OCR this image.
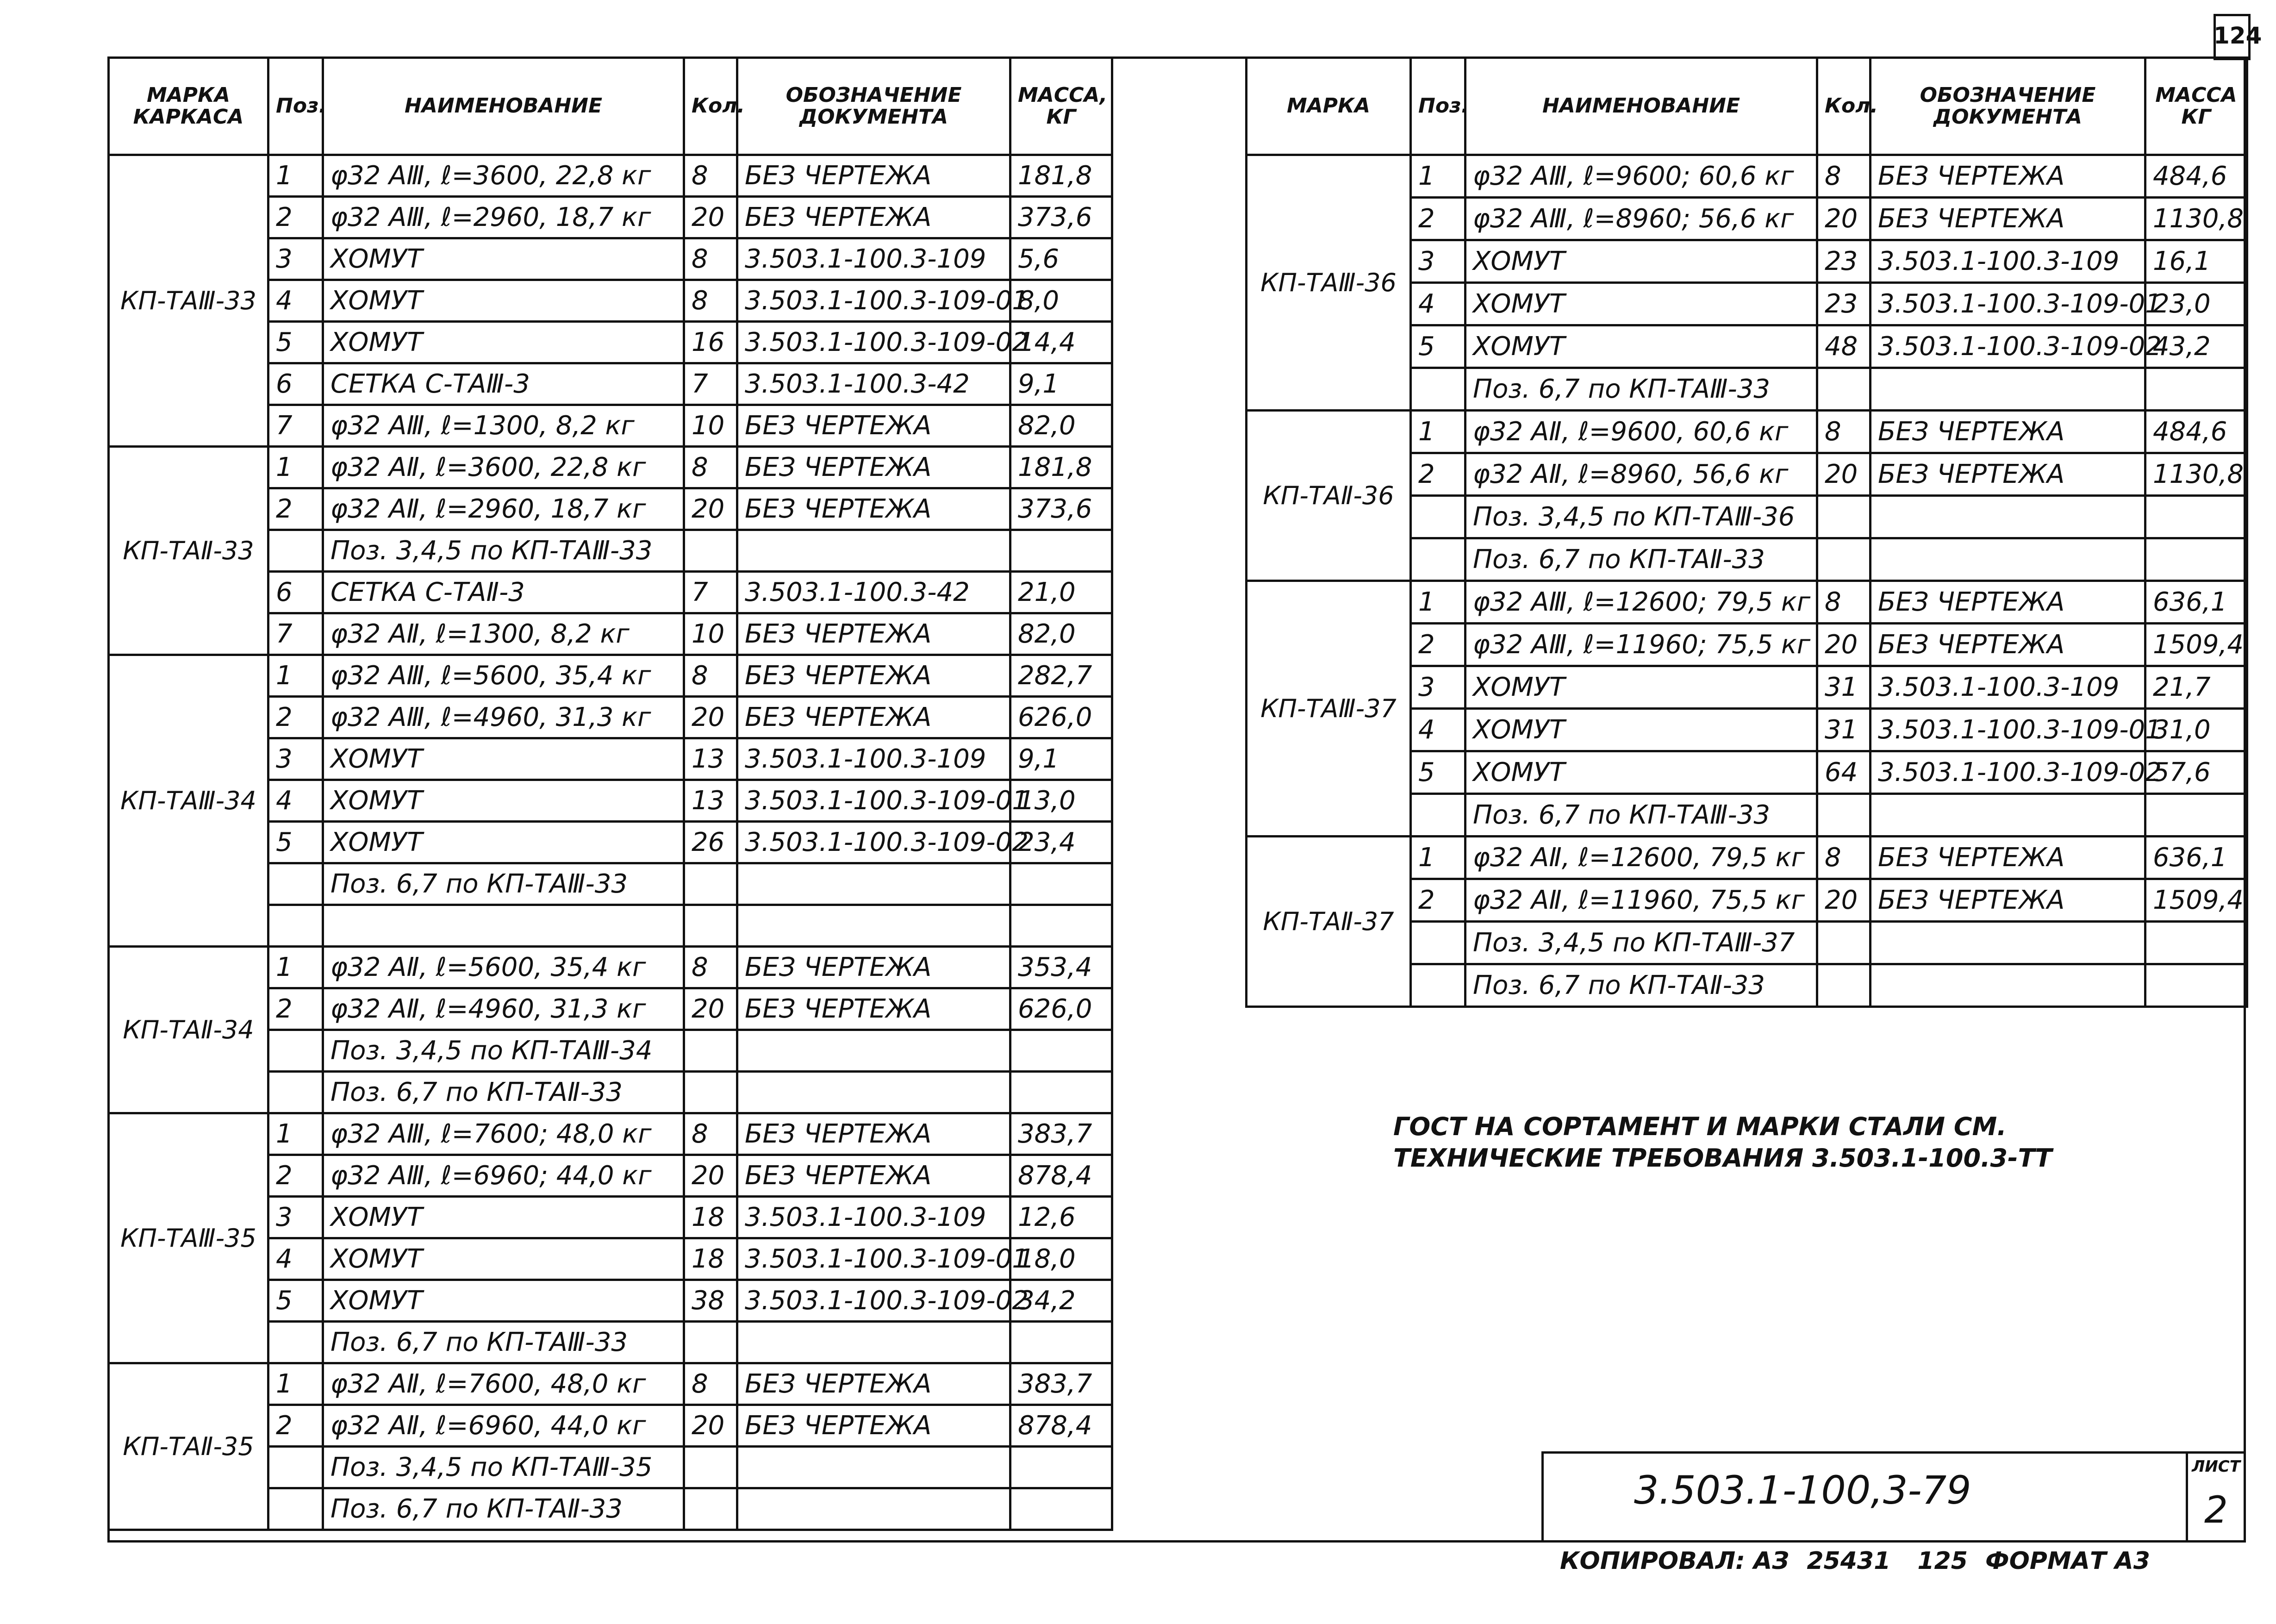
124
МАРКА КАРКАСА	Поз.	НАИМЕНОВАНИЕ	Кол.	ОБОЗНАЧЕНИЕ ДОКУМЕНТА	МАССА, КГ
КП-ТАⅢ-33	1	φ32 АⅢ, ℓ=3600, 22,8 кг	8	БЕЗ ЧЕРТЕЖА	181,8
	2	φ32 АⅢ, ℓ=2960, 18,7 кг	20	БЕЗ ЧЕРТЕЖА	373,6
	3	ХОМУТ	8	3.503.1-100.3-109	5,6
	4	ХОМУТ	8	3.503.1-100.3-109-01	8,0
	5	ХОМУТ	16	3.503.1-100.3-109-02	14,4
	6	СЕТКА С-ТАⅢ-3	7	3.503.1-100.3-42	9,1
	7	φ32 АⅢ, ℓ=1300, 8,2 кг	10	БЕЗ ЧЕРТЕЖА	82,0
КП-ТАⅡ-33	1	φ32 АⅡ, ℓ=3600, 22,8 кг	8	БЕЗ ЧЕРТЕЖА	181,8
	2	φ32 АⅡ, ℓ=2960, 18,7 кг	20	БЕЗ ЧЕРТЕЖА	373,6
		Поз. 3,4,5 по КП-ТАⅢ-33			
	6	СЕТКА С-ТАⅡ-3	7	3.503.1-100.3-42	21,0
	7	φ32 АⅡ, ℓ=1300, 8,2 кг	10	БЕЗ ЧЕРТЕЖА	82,0
КП-ТАⅢ-34	1	φ32 АⅢ, ℓ=5600, 35,4 кг	8	БЕЗ ЧЕРТЕЖА	282,7
	2	φ32 АⅢ, ℓ=4960, 31,3 кг	20	БЕЗ ЧЕРТЕЖА	626,0
	3	ХОМУТ	13	3.503.1-100.3-109	9,1
	4	ХОМУТ	13	3.503.1-100.3-109-01	13,0
	5	ХОМУТ	26	3.503.1-100.3-109-02	23,4
		Поз. 6,7 по КП-ТАⅢ-33			

КП-ТАⅡ-34	1	φ32 АⅡ, ℓ=5600, 35,4 кг	8	БЕЗ ЧЕРТЕЖА	353,4
	2	φ32 АⅡ, ℓ=4960, 31,3 кг	20	БЕЗ ЧЕРТЕЖА	626,0
		Поз. 3,4,5 по КП-ТАⅢ-34			
		Поз. 6,7 по КП-ТАⅡ-33			
КП-ТАⅢ-35	1	φ32 АⅢ, ℓ=7600; 48,0 кг	8	БЕЗ ЧЕРТЕЖА	383,7
	2	φ32 АⅢ, ℓ=6960; 44,0 кг	20	БЕЗ ЧЕРТЕЖА	878,4
	3	ХОМУТ	18	3.503.1-100.3-109	12,6
	4	ХОМУТ	18	3.503.1-100.3-109-01	18,0
	5	ХОМУТ	38	3.503.1-100.3-109-02	34,2
		Поз. 6,7 по КП-ТАⅢ-33			
КП-ТАⅡ-35	1	φ32 АⅡ, ℓ=7600, 48,0 кг	8	БЕЗ ЧЕРТЕЖА	383,7
	2	φ32 АⅡ, ℓ=6960, 44,0 кг	20	БЕЗ ЧЕРТЕЖА	878,4
		Поз. 3,4,5 по КП-ТАⅢ-35			
		Поз. 6,7 по КП-ТАⅡ-33			
МАРКА	Поз.	НАИМЕНОВАНИЕ	Кол.	ОБОЗНАЧЕНИЕ ДОКУМЕНТА	МАССА КГ
КП-ТАⅢ-36	1	φ32 АⅢ, ℓ=9600; 60,6 кг	8	БЕЗ ЧЕРТЕЖА	484,6
	2	φ32 АⅢ, ℓ=8960; 56,6 кг	20	БЕЗ ЧЕРТЕЖА	1130,8
	3	ХОМУТ	23	3.503.1-100.3-109	16,1
	4	ХОМУТ	23	3.503.1-100.3-109-01	23,0
	5	ХОМУТ	48	3.503.1-100.3-109-02	43,2
		Поз. 6,7 по КП-ТАⅢ-33			
КП-ТАⅡ-36	1	φ32 АⅡ, ℓ=9600, 60,6 кг	8	БЕЗ ЧЕРТЕЖА	484,6
	2	φ32 АⅡ, ℓ=8960, 56,6 кг	20	БЕЗ ЧЕРТЕЖА	1130,8
		Поз. 3,4,5 по КП-ТАⅢ-36			
		Поз. 6,7 по КП-ТАⅡ-33			
КП-ТАⅢ-37	1	φ32 АⅢ, ℓ=12600; 79,5 кг	8	БЕЗ ЧЕРТЕЖА	636,1
	2	φ32 АⅢ, ℓ=11960; 75,5 кг	20	БЕЗ ЧЕРТЕЖА	1509,4
	3	ХОМУТ	31	3.503.1-100.3-109	21,7
	4	ХОМУТ	31	3.503.1-100.3-109-01	31,0
	5	ХОМУТ	64	3.503.1-100.3-109-02	57,6
		Поз. 6,7 по КП-ТАⅢ-33			
КП-ТАⅡ-37	1	φ32 АⅡ, ℓ=12600, 79,5 кг	8	БЕЗ ЧЕРТЕЖА	636,1
	2	φ32 АⅡ, ℓ=11960, 75,5 кг	20	БЕЗ ЧЕРТЕЖА	1509,4
		Поз. 3,4,5 по КП-ТАⅢ-37			
		Поз. 6,7 по КП-ТАⅡ-33			
ГОСТ НА СОРТАМЕНТ И МАРКИ СТАЛИ СМ. ТЕХНИЧЕСКИЕ ТРЕБОВАНИЯ 3.503.1-100.3-ТТ
3.503.1-100,3-79
ЛИСТ
2
КОПИРОВАЛ: АЗ 25431 125 ФОРМАТ А3
